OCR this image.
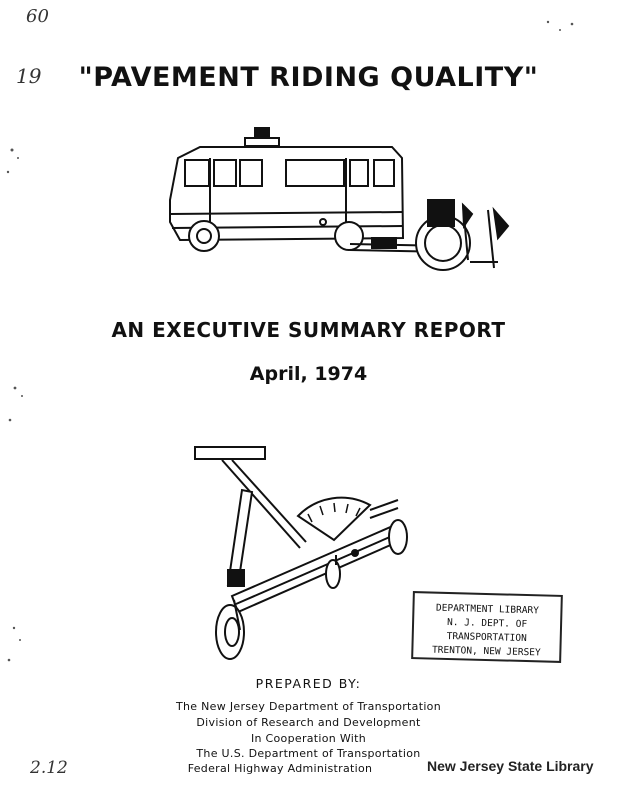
60
19
2.12
"PAVEMENT RIDING QUALITY"
AN EXECUTIVE SUMMARY REPORT
April, 1974
DEPARTMENT LIBRARY
N. J. DEPT. OF TRANSPORTATION
TRENTON, NEW JERSEY
PREPARED BY:
The New Jersey Department of Transportation
Division of Research and Development
In Cooperation With
The U.S. Department of Transportation
Federal Highway Administration	New Jersey State Library
